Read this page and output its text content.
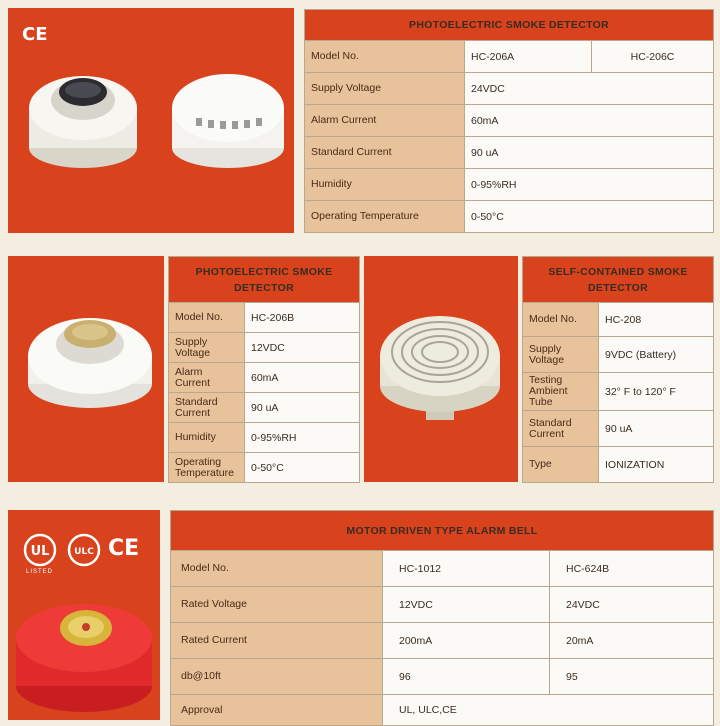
CE	PHOTOELECTRIC SMOKE DETECTOR		
Model No.	HC-206A	HC-206C
Supply Voltage	24VDC	
Alarm Current	60mA	
Standard Current	90 uA	
Humidity	0-95%RH	
Operating Temperature	0-50°C	
PHOTOELECTRIC SMOKE DETECTOR	
Model No.	HC-206B
Supply Voltage	12VDC
Alarm Current	60mA
Standard Current	90 uA
Humidity	0-95%RH
Operating Temperature	0-50°C
SELF-CONTAINED SMOKE DETECTOR	
Model No.	HC-208
Supply Voltage	9VDC (Battery)
Testing Ambient Tube	32° F to 120° F
Standard Current	90 uA
Type	IONIZATION
UL
LISTED
ULC CE
MOTOR DRIVEN TYPE ALARM BELL		
Model No.	HC-1012	HC-624B
Rated Voltage	12VDC	24VDC
Rated Current	200mA	20mA
db@10ft	96	95
Approval	UL, ULC,CE	
